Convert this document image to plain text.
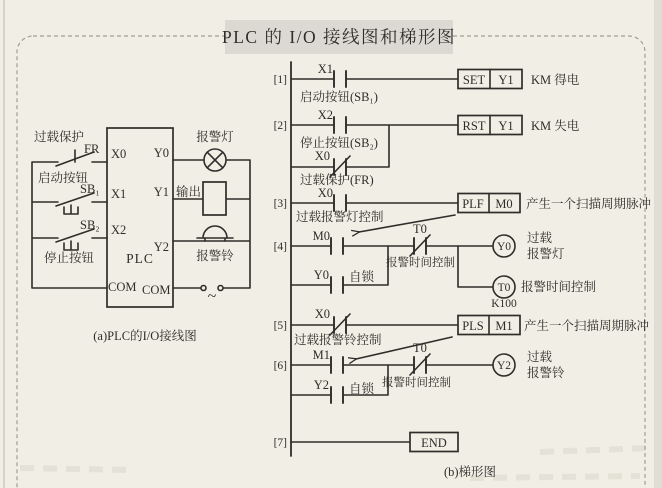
PLC 的 I/O 接线图和梯形图
PLC
X0
X1
X2
COM
Y0
Y1
Y2
COM
过载保护
FR
启动按钮
SB₁
SB₂
停止按钮
报警灯
输出
报警铃
~
(a)PLC的I/O接线图
[1]
[2]
[3]
[4]
[5]
[6]
[7]
SET Y1
X1
启动按钮(SB₁)
KM 得电
RST Y1
X2
停止按钮(SB₂)
X0
过载保护(FR)
KM 失电
PLF M0
X0
过载报警灯控制
产生一个扫描周期脉冲
Y0
T0
K100
M0	T0
报警时间控制
Y0 自锁
过载
报警灯
报警时间控制
PLS M1
X0
过载报警铃控制
产生一个扫描周期脉冲
Y2
M1	T0
报警时间控制
Y2 自锁
过载
报警铃
END
(b)梯形图
